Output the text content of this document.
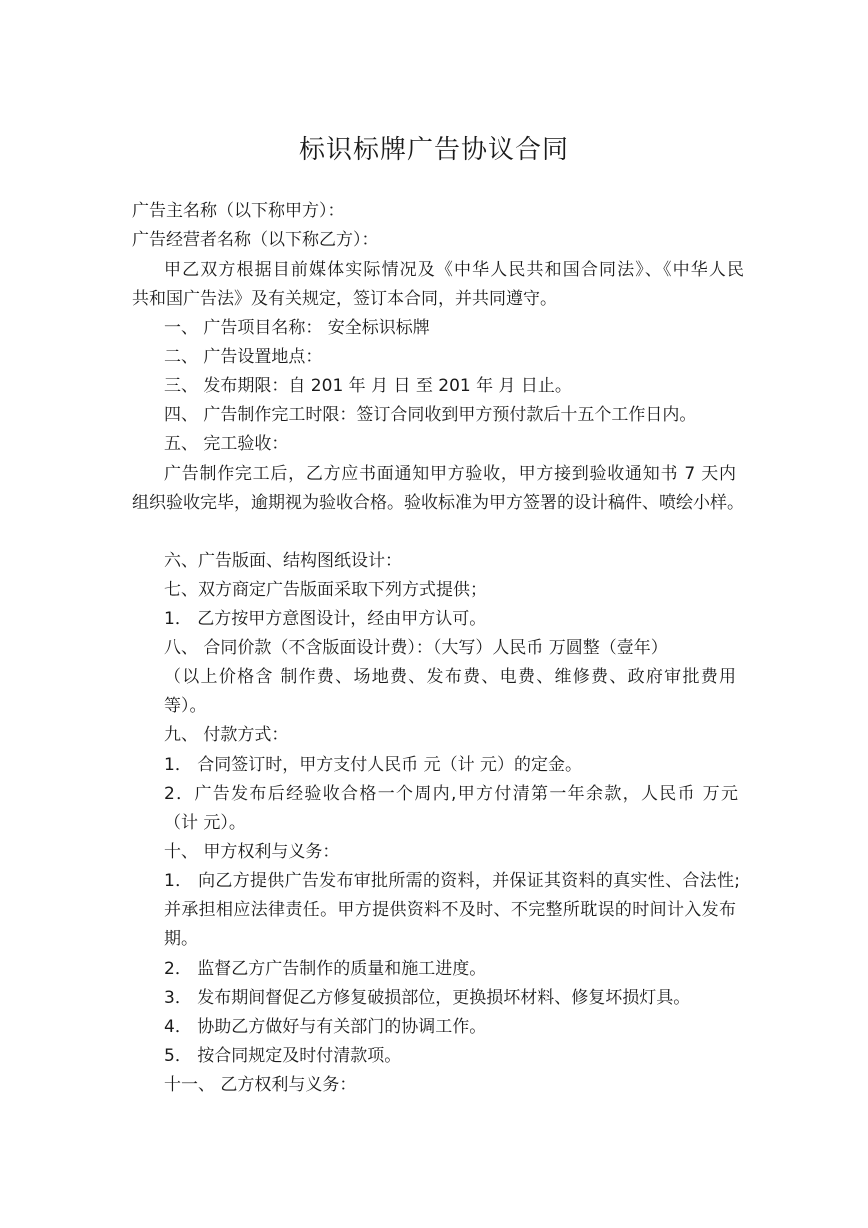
标识标牌广告协议合同
广告主名称（以下称甲方）：
广告经营者名称（以下称乙方）：
甲乙双方根据目前媒体实际情况及《中华人民共和国合同法》、《中华人民
共和国广告法》及有关规定，签订本合同，并共同遵守。
一、 广告项目名称： 安全标识标牌
二、 广告设置地点：
三、 发布期限：自 201 年 月 日 至 201 年 月 日止。
四、 广告制作完工时限：签订合同收到甲方预付款后十五个工作日内。
五、 完工验收：
广告制作完工后，乙方应书面通知甲方验收，甲方接到验收通知书 7 天内
组织验收完毕，逾期视为验收合格。验收标准为甲方签署的设计稿件、喷绘小样。
六、广告版面、结构图纸设计：
七、双方商定广告版面采取下列方式提供；
1． 乙方按甲方意图设计，经由甲方认可。
八、 合同价款（不含版面设计费）：（大写）人民币 万圆整（壹年）
（以上价格含 制作费、场地费、发布费、电费、维修费、政府审批费用
等）。
九、 付款方式：
1． 合同签订时，甲方支付人民币 元（计 元）的定金。
2．广告发布后经验收合格一个周内,甲方付清第一年余款，人民币 万元
（计 元）。
十、 甲方权利与义务：
1． 向乙方提供广告发布审批所需的资料，并保证其资料的真实性、合法性;
并承担相应法律责任。甲方提供资料不及时、不完整所耽误的时间计入发布
期。
2． 监督乙方广告制作的质量和施工进度。
3． 发布期间督促乙方修复破损部位，更换损坏材料、修复坏损灯具。
4． 协助乙方做好与有关部门的协调工作。
5． 按合同规定及时付清款项。
十一、 乙方权利与义务：
